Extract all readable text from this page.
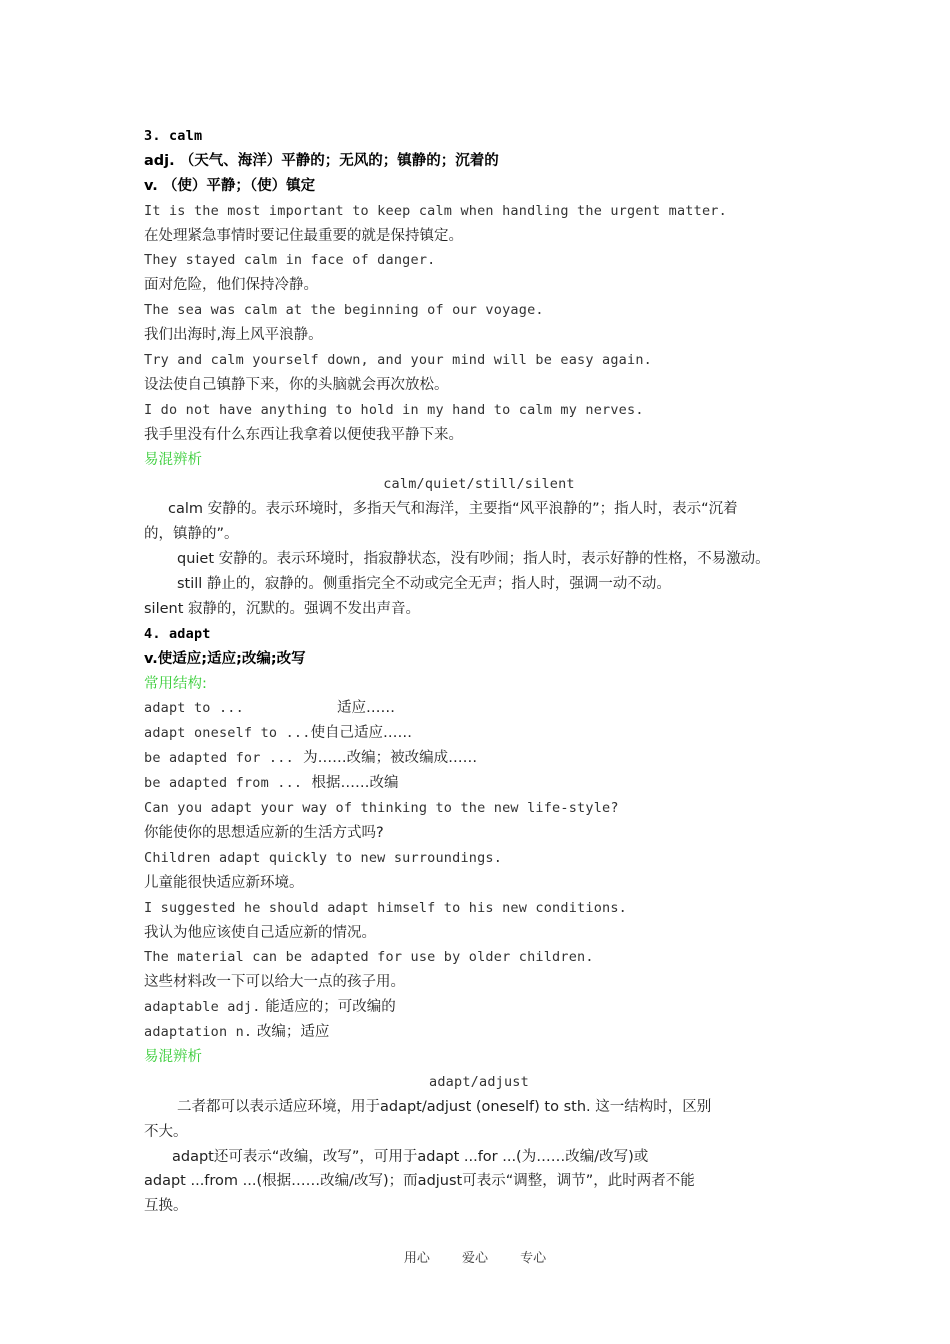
3. calm
adj. （天气、海洋）平静的；无风的；镇静的；沉着的
v. （使）平静；（使）镇定
It is the most important to keep calm when handling the urgent matter.
在处理紧急事情时要记住最重要的就是保持镇定。
They stayed calm in face of danger.
面对危险，他们保持冷静。
The sea was calm at the beginning of our voyage.
我们出海时,海上风平浪静。
Try and calm yourself down, and your mind will be easy again.
设法使自己镇静下来，你的头脑就会再次放松。
I do not have anything to hold in my hand to calm my nerves.
我手里没有什么东西让我拿着以便使我平静下来。
易混辨析
calm/quiet/still/silent
calm 安静的。表示环境时，多指天气和海洋，主要指“风平浪静的”；指人时，表示“沉着
的，镇静的”。
quiet 安静的。表示环境时，指寂静状态，没有吵闹；指人时，表示好静的性格，不易激动。
still 静止的，寂静的。侧重指完全不动或完全无声；指人时，强调一动不动。
silent 寂静的，沉默的。强调不发出声音。
4. adapt
v.使适应;适应;改编;改写
常用结构:
adapt to ...	适应……
adapt oneself to ...使自己适应……
be adapted for ... 为……改编；被改编成……
be adapted from ... 根据……改编
Can you adapt your way of thinking to the new life-style?
你能使你的思想适应新的生活方式吗?
Children adapt quickly to new surroundings.
儿童能很快适应新环境。
I suggested he should adapt himself to his new conditions.
我认为他应该使自己适应新的情况。
The material can be adapted for use by older children.
这些材料改一下可以给大一点的孩子用。
adaptable adj. 能适应的；可改编的
adaptation n. 改编；适应
易混辨析
adapt/adjust
二者都可以表示适应环境，用于adapt/adjust (oneself) to sth. 这一结构时，区别
不大。
adapt还可表示“改编，改写”，可用于adapt ...for ...(为……改编/改写)或
adapt ...from ...(根据……改编/改写)；而adjust可表示“调整，调节”，此时两者不能
互换。
用心 爱心 专心
